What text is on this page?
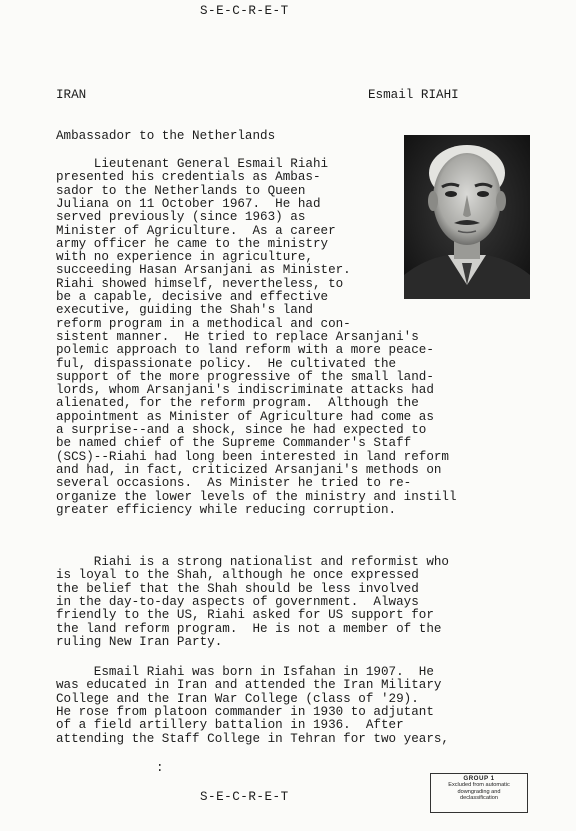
S-E-C-R-E-T
IRAN	Esmail RIAHI
Ambassador to the Netherlands
Lieutenant General Esmail Riahi
presented his credentials as Ambas-
sador to the Netherlands to Queen
Juliana on 11 October 1967.  He had
served previously (since 1963) as
Minister of Agriculture.  As a career
army officer he came to the ministry
with no experience in agriculture,
succeeding Hasan Arsanjani as Minister.
Riahi showed himself, nevertheless, to
be a capable, decisive and effective
executive, guiding the Shah's land
reform program in a methodical and con-
sistent manner.  He tried to replace Arsanjani's
polemic approach to land reform with a more peace-
ful, dispassionate policy.  He cultivated the
support of the more progressive of the small land-
lords, whom Arsanjani's indiscriminate attacks had
alienated, for the reform program.  Although the
appointment as Minister of Agriculture had come as
a surprise--and a shock, since he had expected to
be named chief of the Supreme Commander's Staff
(SCS)--Riahi had long been interested in land reform
and had, in fact, criticized Arsanjani's methods on
several occasions.  As Minister he tried to re-
organize the lower levels of the ministry and instill
greater efficiency while reducing corruption.
Riahi is a strong nationalist and reformist who
is loyal to the Shah, although he once expressed
the belief that the Shah should be less involved
in the day-to-day aspects of government.  Always
friendly to the US, Riahi asked for US support for
the land reform program.  He is not a member of the
ruling New Iran Party.
Esmail Riahi was born in Isfahan in 1907.  He
was educated in Iran and attended the Iran Military
College and the Iran War College (class of '29).
He rose from platoon commander in 1930 to adjutant
of a field artillery battalion in 1936.  After
attending the Staff College in Tehran for two years,
:
S-E-C-R-E-T
GROUP 1
Excluded from automatic
downgrading and
declassification
